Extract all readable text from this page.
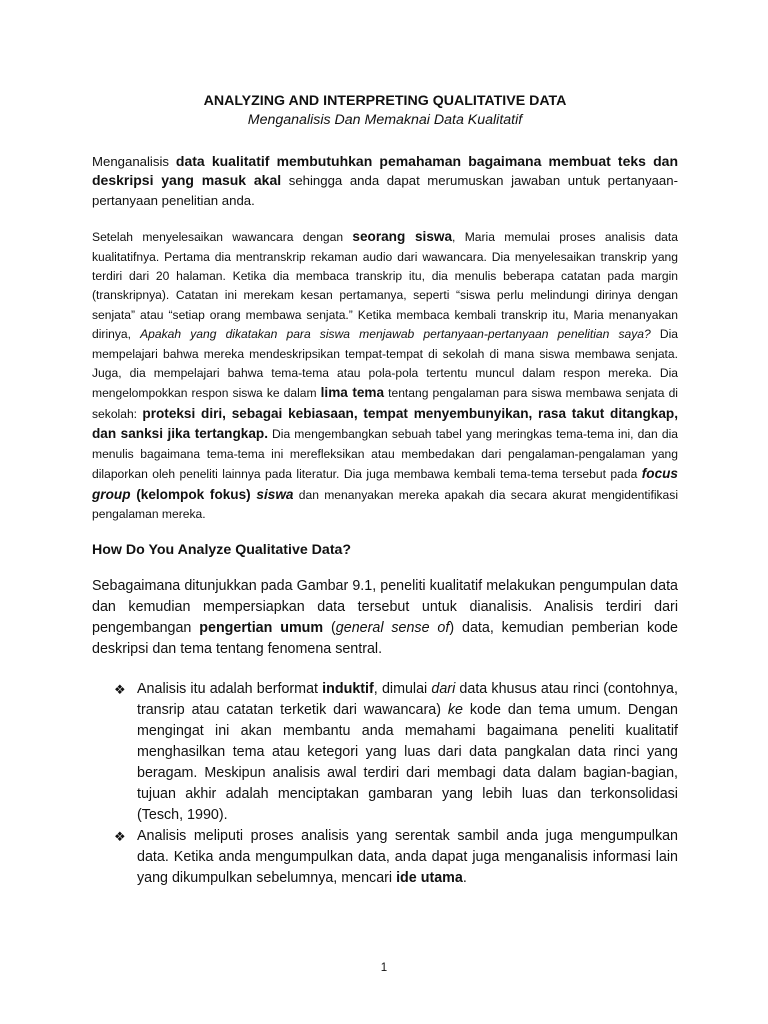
ANALYZING AND INTERPRETING QUALITATIVE DATA

Menganalisis Dan Memaknai Data Kualitatif

Menganalisis data kualitatif membutuhkan pemahaman bagaimana membuat teks dan deskripsi yang masuk akal sehingga anda dapat merumuskan jawaban untuk pertanyaan-pertanyaan penelitian anda.

Setelah menyelesaikan wawancara dengan seorang siswa, Maria memulai proses analisis data kualitatifnya. Pertama dia mentranskrip rekaman audio dari wawancara. Dia menyelesaikan transkrip yang terdiri dari 20 halaman. Ketika dia membaca transkrip itu, dia menulis beberapa catatan pada margin (transkripnya). Catatan ini merekam kesan pertamanya, seperti “siswa perlu melindungi dirinya dengan senjata” atau “setiap orang membawa senjata.” Ketika membaca kembali transkrip itu, Maria menanyakan dirinya, Apakah yang dikatakan para siswa menjawab pertanyaan-pertanyaan penelitian saya? Dia mempelajari bahwa mereka mendeskripsikan tempat-tempat di sekolah di mana siswa membawa senjata. Juga, dia mempelajari bahwa tema-tema atau pola-pola tertentu muncul dalam respon mereka. Dia mengelompokkan respon siswa ke dalam lima tema tentang pengalaman para siswa membawa senjata di sekolah: proteksi diri, sebagai kebiasaan, tempat menyembunyikan, rasa takut ditangkap, dan sanksi jika tertangkap. Dia mengembangkan sebuah tabel yang meringkas tema-tema ini, dan dia menulis bagaimana tema-tema ini merefleksikan atau membedakan dari pengalaman-pengalaman yang dilaporkan oleh peneliti lainnya pada literatur. Dia juga membawa kembali tema-tema tersebut pada focus group (kelompok fokus) siswa dan menanyakan mereka apakah dia secara akurat mengidentifikasi pengalaman mereka.

How Do You Analyze Qualitative Data?

Sebagaimana ditunjukkan pada Gambar 9.1, peneliti kualitatif melakukan pengumpulan data dan kemudian mempersiapkan data tersebut untuk dianalisis. Analisis terdiri dari pengembangan pengertian umum (general sense of) data, kemudian pemberian kode deskripsi dan tema tentang fenomena sentral.

❖ Analisis itu adalah berformat induktif, dimulai dari data khusus atau rinci (contohnya, transrip atau catatan terketik dari wawancara) ke kode dan tema umum. Dengan mengingat ini akan membantu anda memahami bagaimana peneliti kualitatif menghasilkan tema atau ketegori yang luas dari data pangkalan data rinci yang beragam. Meskipun analisis awal terdiri dari membagi data dalam bagian-bagian, tujuan akhir adalah menciptakan gambaran yang lebih luas dan terkonsolidasi (Tesch, 1990).
❖ Analisis meliputi proses analisis yang serentak sambil anda juga mengumpulkan data. Ketika anda mengumpulkan data, anda dapat juga menganalisis informasi lain yang dikumpulkan sebelumnya, mencari ide utama.
1
